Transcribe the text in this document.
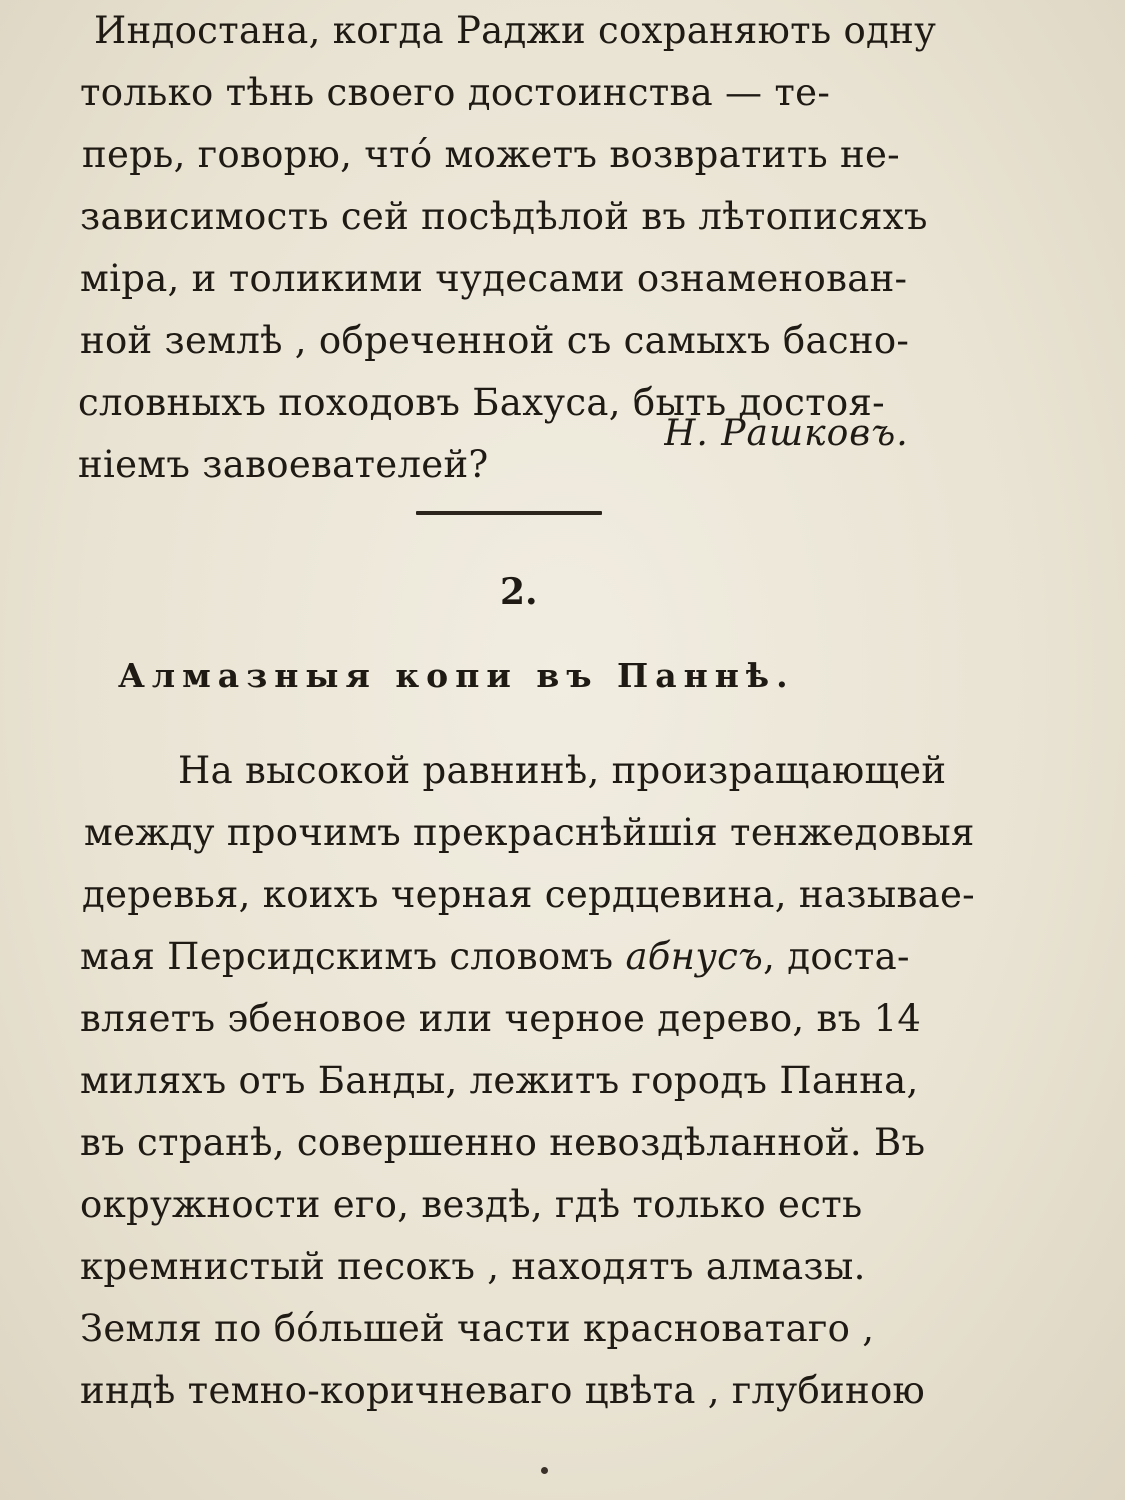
Индостана, когда Раджи сохраняють одну
только тѣнь своего достоинства — те-
перь, говорю, что́ можетъ возвратить не-
зависимость сей посѣдѣлой въ лѣтописяхъ
міра, и толикими чудесами ознаменован-
ной землѣ , обреченной съ самыхъ басно-
словныхъ походовъ Бахуса, быть достоя-
ніемъ завоевателей?
Н. Рашковъ.
2.
Алмазныя копи въ Паннѣ.
На высокой равнинѣ, произращающей
между прочимъ прекраснѣйшія тенжедовыя
деревья, коихъ черная сердцевина, называе-
мая Персидскимъ словомъ абнусъ, доста-
вляетъ эбеновое или черное дерево, въ 14
миляхъ отъ Банды, лежитъ городъ Панна,
въ странѣ, совершенно невоздѣланной. Въ
окружности его, вездѣ, гдѣ только есть
кремнистый песокъ , находятъ алмазы.
Земля по бо́льшей части красноватаго ,
индѣ темно-коричневаго цвѣта , глубиною
